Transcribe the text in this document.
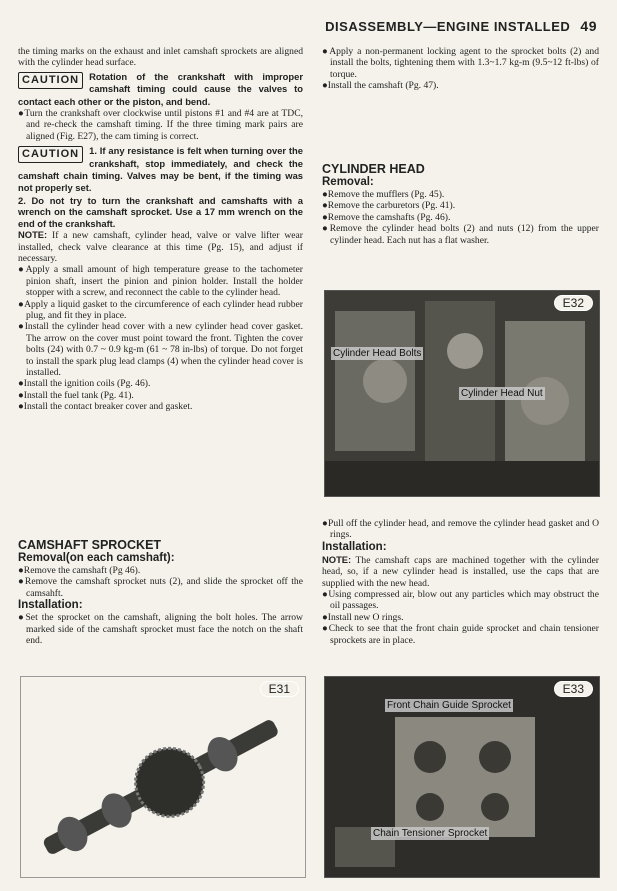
DISASSEMBLY—ENGINE INSTALLED 49

the timing marks on the exhaust and inlet camshaft sprockets are aligned with the cylinder head surface.

CAUTION	Rotation of the crankshaft with improper camshaft timing could cause the valves to contact each other or the piston, and bend.

●Turn the crankshaft over clockwise until pistons #1 and #4 are at TDC, and re-check the camshaft timing. If the three timing mark pairs are aligned (Fig. E27), the cam timing is correct.

CAUTION	1. If any resistance is felt when turning over the crankshaft, stop immediately, and check the camshaft chain timing. Valves may be bent, if the timing was not properly set.

2. Do not try to turn the crankshaft and camshafts with a wrench on the camshaft sprocket. Use a 17 mm wrench on the end of the crankshaft.

NOTE: If a new camshaft, cylinder head, valve or valve lifter wear installed, check valve clearance at this time (Pg. 15), and adjust if necessary.

●Apply a small amount of high temperature grease to the tachometer pinion shaft, insert the pinion and pinion holder. Install the holder stopper with a screw, and reconnect the cable to the cylinder head.

●Apply a liquid gasket to the circumference of each cylinder head rubber plug, and fit they in place.

●Install the cylinder head cover with a new cylinder head cover gasket. The arrow on the cover must point toward the front. Tighten the cover bolts (24) with 0.7 ~ 0.9 kg-m (61 ~ 78 in-lbs) of torque. Do not forget to install the spark plug lead clamps (4) when the cylinder head cover is installed.

●Install the ignition coils (Pg. 46).

●Install the fuel tank (Pg. 41).

●Install the contact breaker cover and gasket.

CAMSHAFT SPROCKET

Removal(on each camshaft):

●Remove the camshaft (Pg 46).

●Remove the camshaft sprocket nuts (2), and slide the sprocket off the camsahft.

Installation:

●Set the sprocket on the camshaft, aligning the bolt holes. The arrow marked side of the camshaft sprocket must face the notch on the shaft end.

E31

●Apply a non-permanent locking agent to the sprocket bolts (2) and install the bolts, tightening them with 1.3~1.7 kg-m (9.5~12 ft-lbs) of torque.

●Install the camshaft (Pg. 47).

CYLINDER HEAD

Removal:

●Remove the mufflers (Pg. 45).

●Remove the carburetors (Pg. 41).

●Remove the camshafts (Pg. 46).

●Remove the cylinder head bolts (2) and nuts (12) from the upper cylinder head. Each nut has a flat washer.

E32
Cylinder Head Bolts
Cylinder Head Nut

●Pull off the cylinder head, and remove the cylinder head gasket and O rings.

Installation:

NOTE: The camshaft caps are machined together with the cylinder head, so, if a new cylinder head is installed, use the caps that are supplied with the new head.

●Using compressed air, blow out any particles which may obstruct the oil passages.

●Install new O rings.

●Check to see that the front chain guide sprocket and chain tensioner sprockets are in place.

E33
Front Chain Guide Sprocket
Chain Tensioner Sprocket
